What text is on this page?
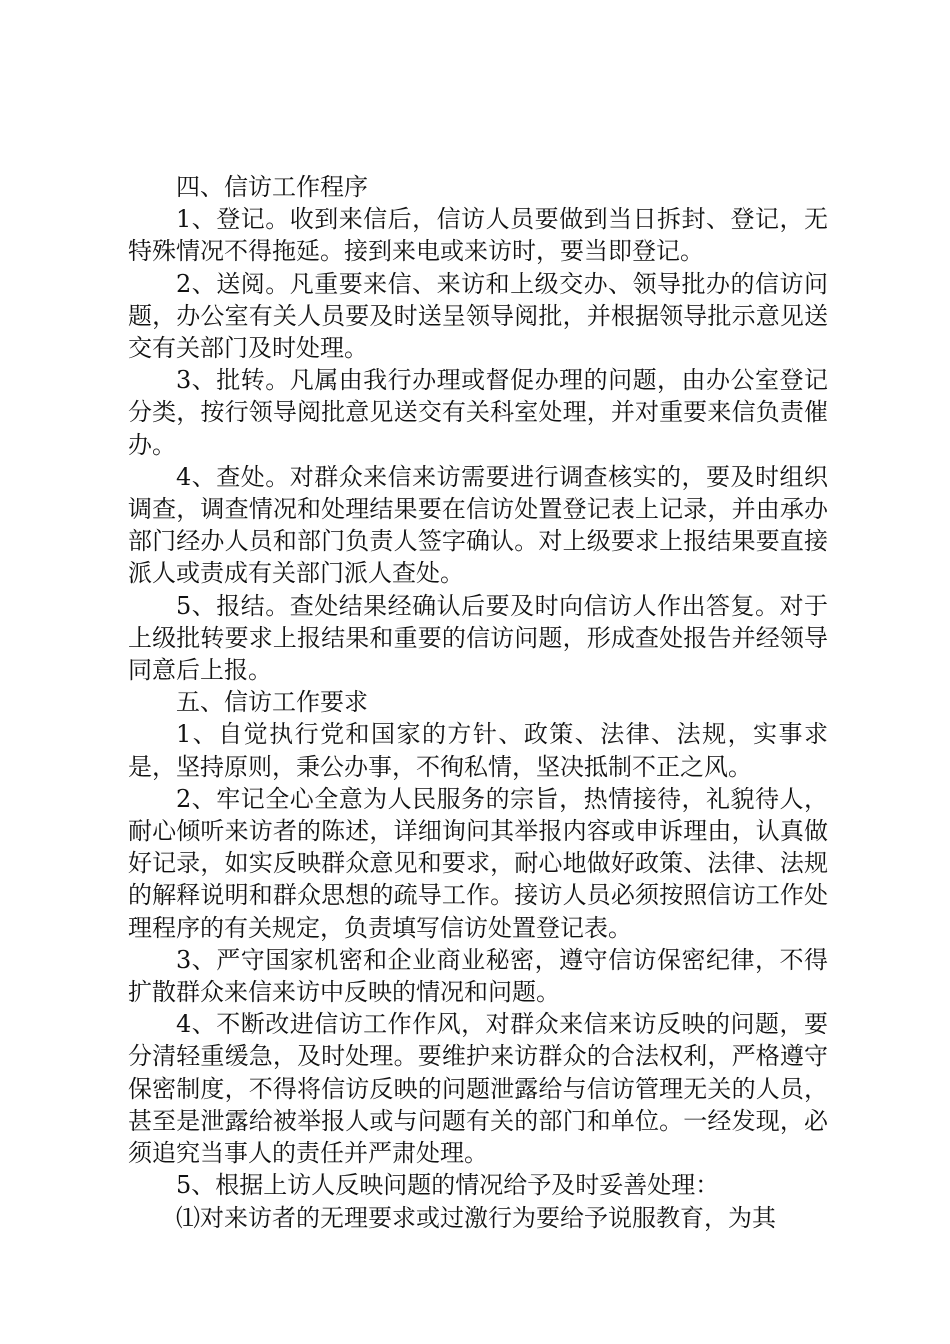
四、信访工作程序

1、登记。收到来信后，信访人员要做到当日拆封、登记，无特殊情况不得拖延。接到来电或来访时，要当即登记。

2、送阅。凡重要来信、来访和上级交办、领导批办的信访问题，办公室有关人员要及时送呈领导阅批，并根据领导批示意见送交有关部门及时处理。

3、批转。凡属由我行办理或督促办理的问题，由办公室登记分类，按行领导阅批意见送交有关科室处理，并对重要来信负责催办。

4、查处。对群众来信来访需要进行调查核实的，要及时组织调查，调查情况和处理结果要在信访处置登记表上记录，并由承办部门经办人员和部门负责人签字确认。对上级要求上报结果要直接派人或责成有关部门派人查处。

5、报结。查处结果经确认后要及时向信访人作出答复。对于上级批转要求上报结果和重要的信访问题，形成查处报告并经领导同意后上报。

五、信访工作要求

1、自觉执行党和国家的方针、政策、法律、法规，实事求是，坚持原则，秉公办事，不徇私情，坚决抵制不正之风。

2、牢记全心全意为人民服务的宗旨，热情接待，礼貌待人，耐心倾听来访者的陈述，详细询问其举报内容或申诉理由，认真做好记录，如实反映群众意见和要求，耐心地做好政策、法律、法规的解释说明和群众思想的疏导工作。接访人员必须按照信访工作处理程序的有关规定，负责填写信访处置登记表。

3、严守国家机密和企业商业秘密，遵守信访保密纪律，不得扩散群众来信来访中反映的情况和问题。

4、不断改进信访工作作风，对群众来信来访反映的问题，要分清轻重缓急，及时处理。要维护来访群众的合法权利，严格遵守保密制度，不得将信访反映的问题泄露给与信访管理无关的人员，甚至是泄露给被举报人或与问题有关的部门和单位。一经发现，必须追究当事人的责任并严肃处理。

5、根据上访人反映问题的情况给予及时妥善处理：

⑴对来访者的无理要求或过激行为要给予说服教育，为其
